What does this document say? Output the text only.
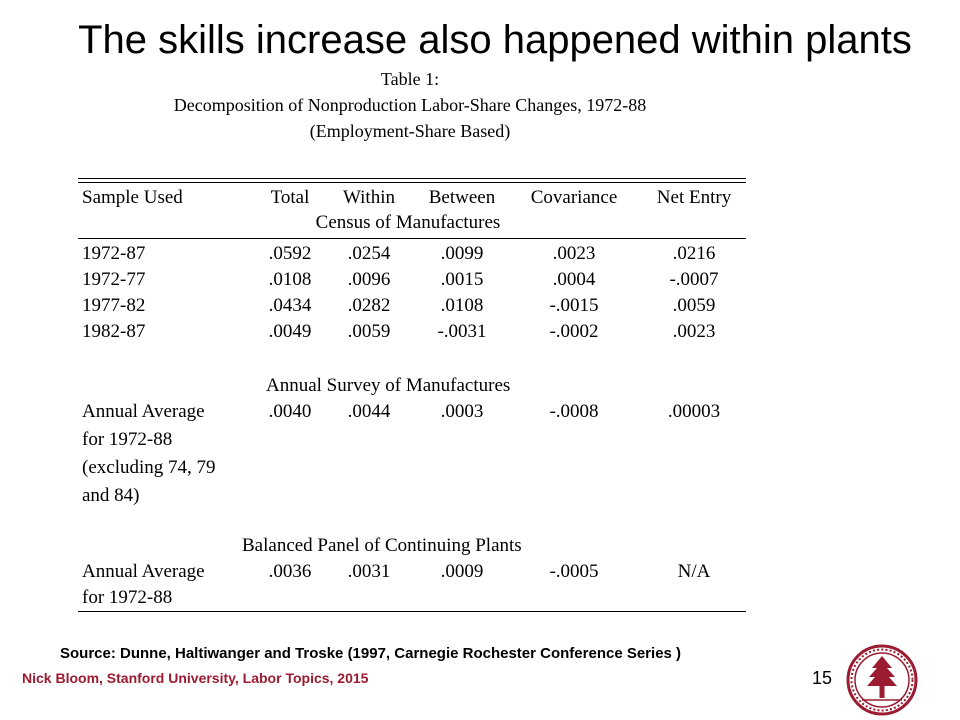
The skills increase also happened within plants
Table 1:
Decomposition of Nonproduction Labor-Share Changes, 1972-88
(Employment-Share Based)
Sample Used	Total	Within	Between	Covariance	Net Entry
Census of Manufactures
1972-87	.0592	.0254	.0099	.0023	.0216
1972-77	.0108	.0096	.0015	.0004	-.0007
1977-82	.0434	.0282	.0108	-.0015	.0059
1982-87	.0049	.0059	-.0031	-.0002	.0023
Annual Survey of Manufactures
Annual Average
for 1972-88
(excluding 74, 79
and 84)
.0040	.0044	.0003	-.0008	.00003
Balanced Panel of Continuing Plants
Annual Average
for 1972-88
.0036	.0031	.0009	-.0005	N/A
Source: Dunne, Haltiwanger and Troske (1997, Carnegie Rochester Conference Series )
Nick Bloom, Stanford University, Labor Topics, 2015	15
